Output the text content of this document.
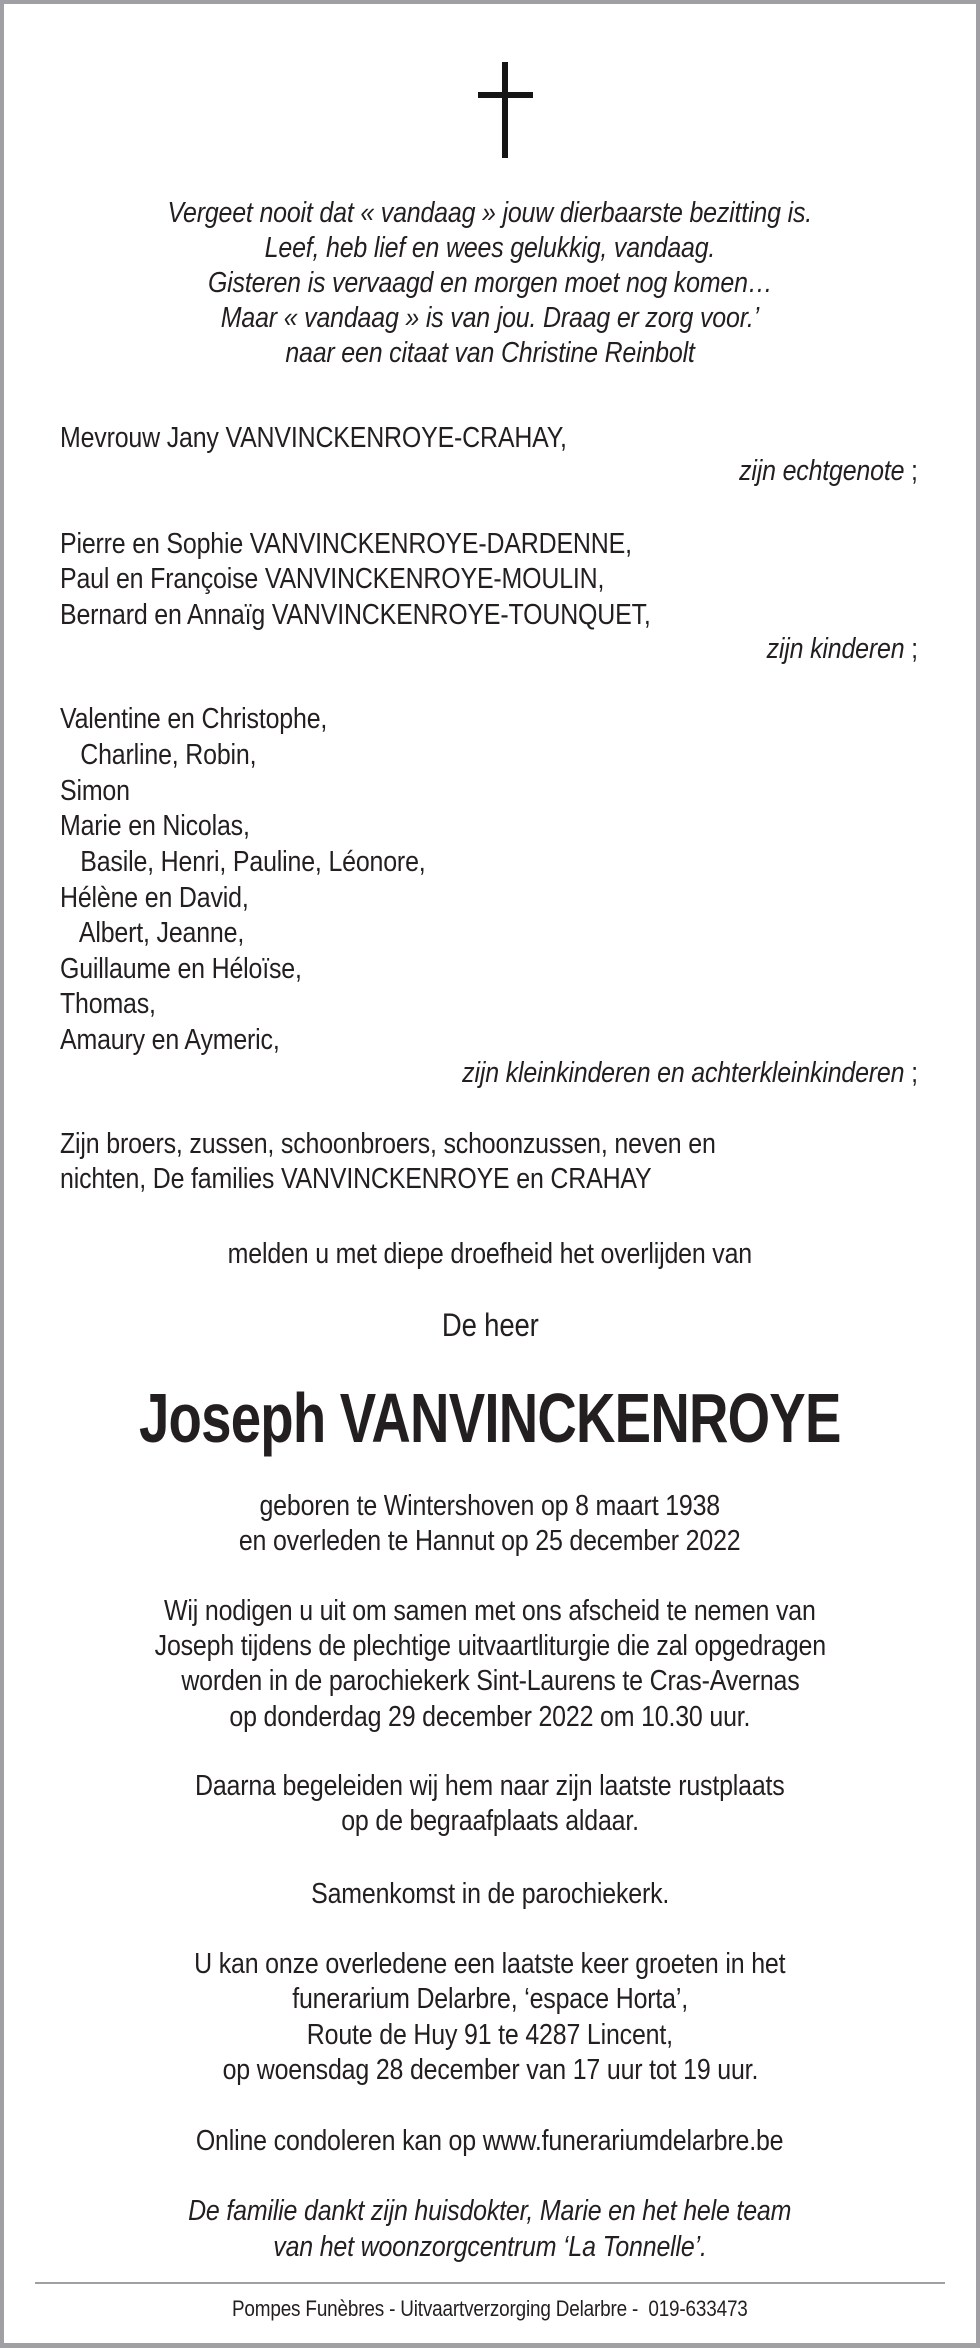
Vergeet nooit dat « vandaag » jouw dierbaarste bezitting is.
Leef, heb lief en wees gelukkig, vandaag.
Gisteren is vervaagd en morgen moet nog komen…
Maar « vandaag » is van jou. Draag er zorg voor.’
naar een citaat van Christine Reinbolt
Mevrouw Jany VANVINCKENROYE-CRAHAY,
zijn echtgenote ;
Pierre en Sophie VANVINCKENROYE-DARDENNE,
Paul en Françoise VANVINCKENROYE-MOULIN,
Bernard en Annaïg VANVINCKENROYE-TOUNQUET,
zijn kinderen ;
Valentine en Christophe,
Charline, Robin,
Simon
Marie en Nicolas,
Basile, Henri, Pauline, Léonore,
Hélène en David,
Albert, Jeanne,
Guillaume en Héloïse,
Thomas,
Amaury en Aymeric,
zijn kleinkinderen en achterkleinkinderen ;
Zijn broers, zussen, schoonbroers, schoonzussen, neven en
nichten, De families VANVINCKENROYE en CRAHAY
melden u met diepe droefheid het overlijden van
De heer
Joseph VANVINCKENROYE
geboren te Wintershoven op 8 maart 1938
en overleden te Hannut op 25 december 2022
Wij nodigen u uit om samen met ons afscheid te nemen van
Joseph tijdens de plechtige uitvaartliturgie die zal opgedragen
worden in de parochiekerk Sint-Laurens te Cras-Avernas
op donderdag 29 december 2022 om 10.30 uur.
Daarna begeleiden wij hem naar zijn laatste rustplaats
op de begraafplaats aldaar.
Samenkomst in de parochiekerk.
U kan onze overledene een laatste keer groeten in het
funerarium Delarbre, ‘espace Horta’,
Route de Huy 91 te 4287 Lincent,
op woensdag 28 december van 17 uur tot 19 uur.
Online condoleren kan op www.funerariumdelarbre.be
De familie dankt zijn huisdokter, Marie en het hele team
van het woonzorgcentrum ‘La Tonnelle’.
Pompes Funèbres - Uitvaartverzorging Delarbre -  019-633473
